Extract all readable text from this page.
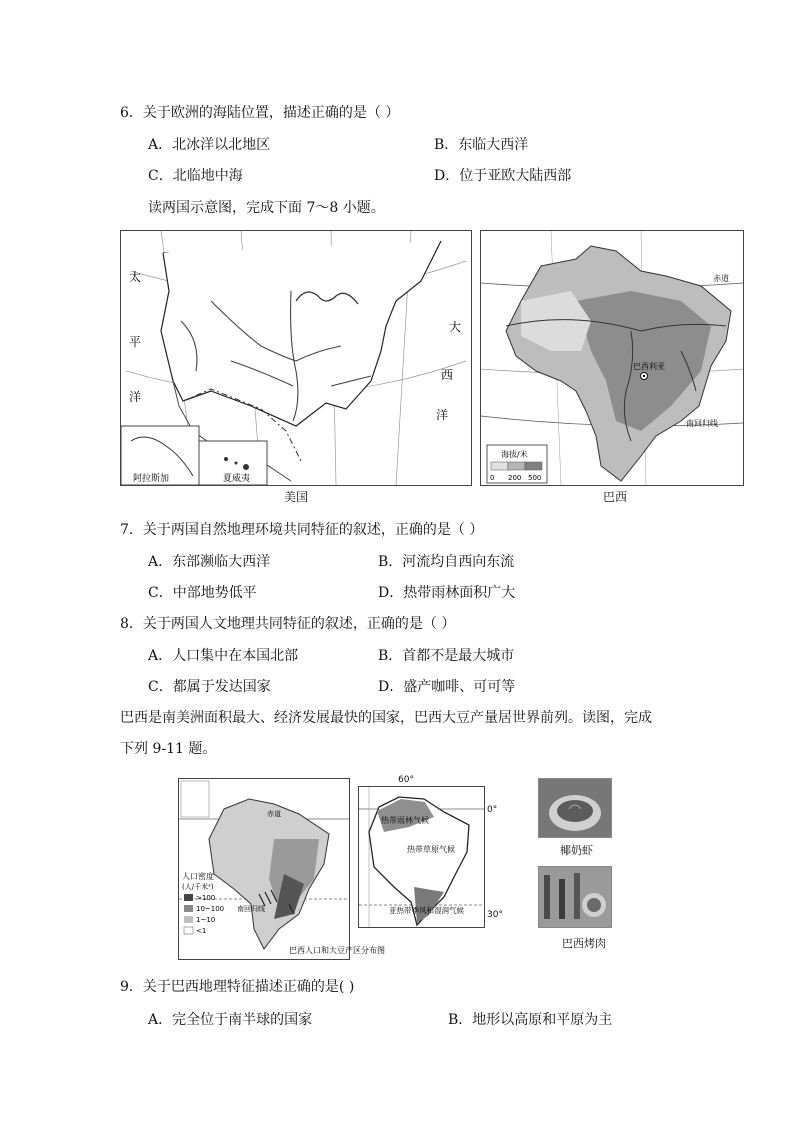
6．关于欧洲的海陆位置，描述正确的是（ ）
A．北冰洋以北地区	B．东临大西洋
C．北临地中海	D．位于亚欧大陆西部
读两国示意图，完成下面 7～8 小题。
阿拉斯加	夏威夷
太
平
洋
大
西
洋
美国
赤道
巴西利亚
南回归线
海拔/米
0 200 500
巴西
7．关于两国自然地理环境共同特征的叙述，正确的是（ ）
A．东部濒临大西洋	B．河流均自西向东流
C．中部地势低平	D．热带雨林面积广大
8．关于两国人文地理共同特征的叙述，正确的是（ ）
A．人口集中在本国北部	B．首都不是最大城市
C．都属于发达国家	D．盛产咖啡、可可等
巴西是南美洲面积最大、经济发展最快的国家，巴西大豆产量居世界前列。读图，完成
下列 9-11 题。
赤道
南回归线
人口密度
(人/千米²)
>100
10~100
1~10
<1
巴西人口和大豆产区分布图
热带雨林气候
热带草原气候
亚热带季风和湿润气候
60°
0°
30°
椰奶虾
巴西烤肉
9．关于巴西地理特征描述正确的是( )
A．完全位于南半球的国家	B．地形以高原和平原为主
